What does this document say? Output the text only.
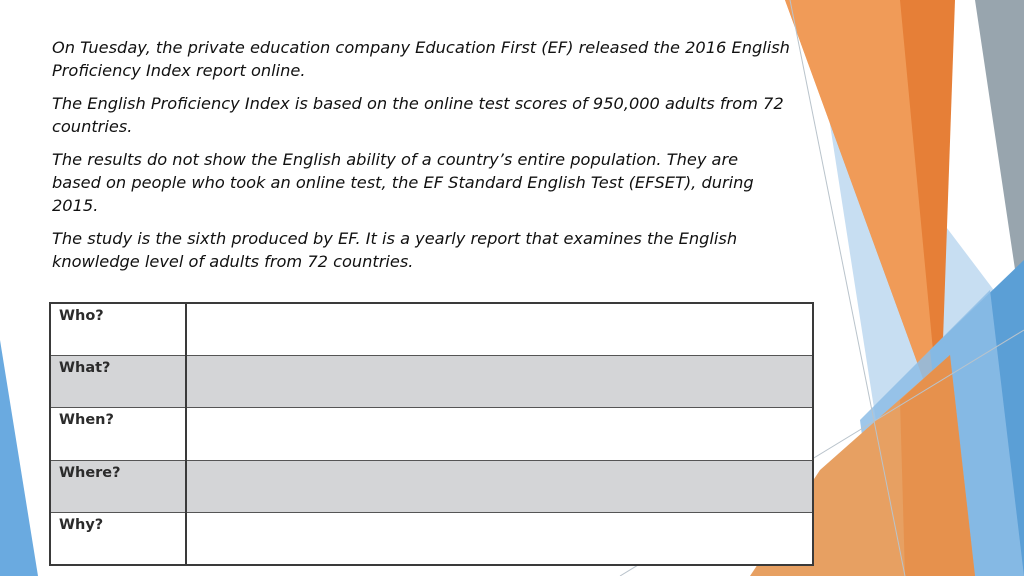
On Tuesday, the private education company Education First (EF) released the 2016 English Proficiency Index report online.

The English Proficiency Index is based on the online test scores of 950,000 adults from 72 countries.

The results do not show the English ability of a country’s entire population. They are based on people who took an online test, the EF Standard English Test (EFSET), during 2015.

The study is the sixth produced by EF. It is a yearly report that examines the English knowledge level of adults from 72 countries.

Who?	
What?	
When?	
Where?	
Why?	
